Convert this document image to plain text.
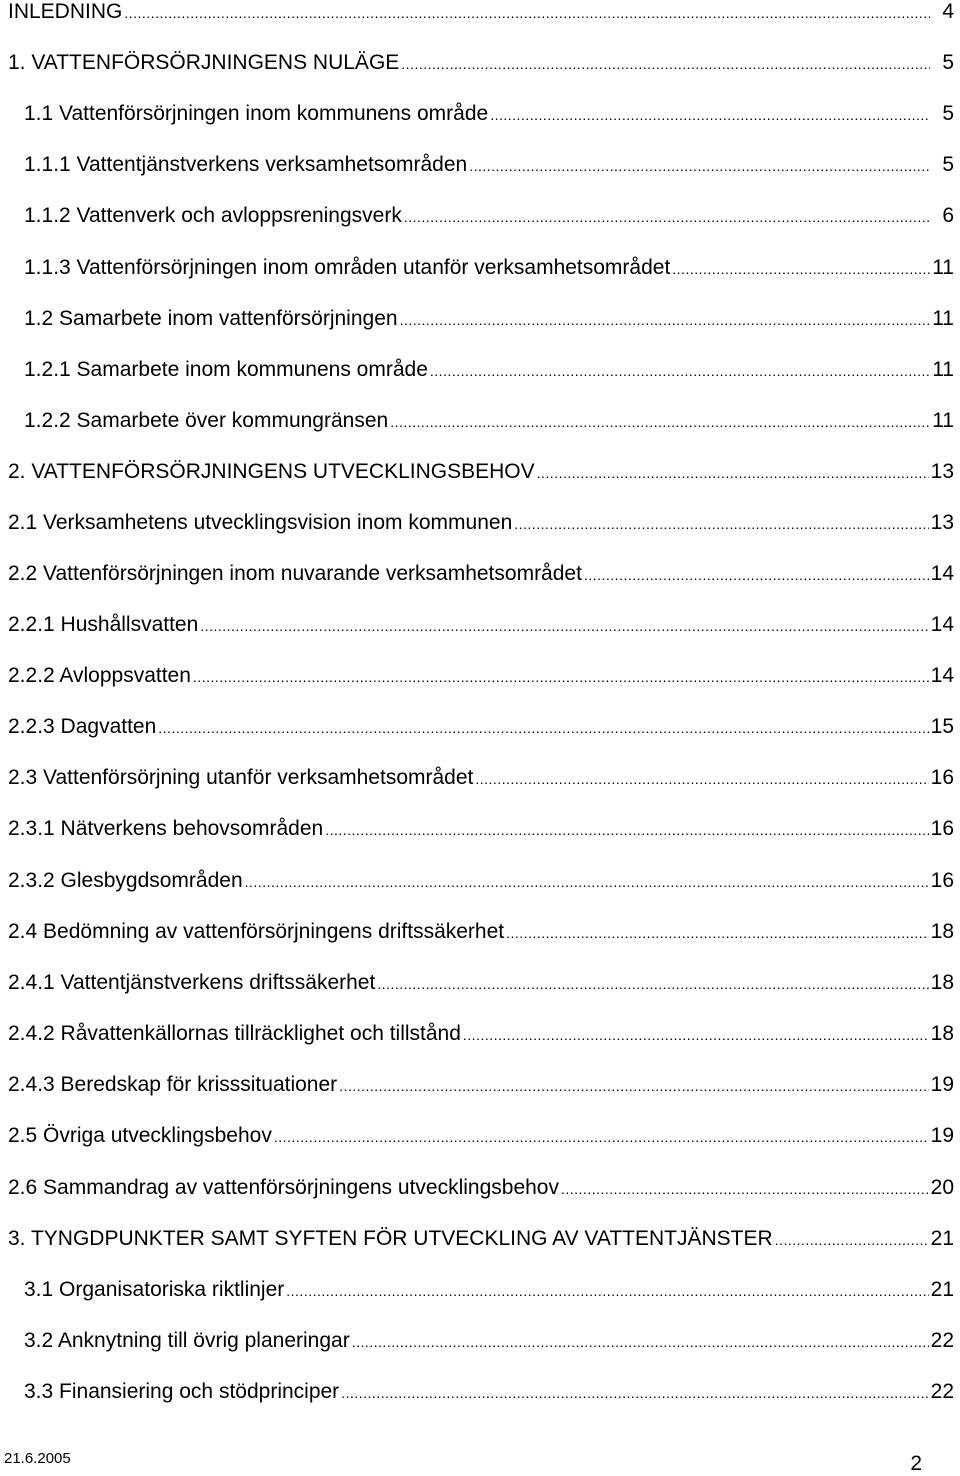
INLEDNING .....	4
1. VATTENFÖRSÖRJNINGENS NULÄGE .....	5
1.1 Vattenförsörjningen inom kommunens område .....	5
1.1.1 Vattentjänstverkens verksamhetsområden .....	5
1.1.2 Vattenverk och avloppsreningsverk .....	6
1.1.3 Vattenförsörjningen inom områden utanför verksamhetsområdet .....	11
1.2 Samarbete inom vattenförsörjningen .....	11
1.2.1 Samarbete inom kommunens område .....	11
1.2.2 Samarbete över kommungränsen .....	11
2. VATTENFÖRSÖRJNINGENS UTVECKLINGSBEHOV .....	13
2.1 Verksamhetens utvecklingsvision inom kommunen .....	13
2.2 Vattenförsörjningen inom nuvarande verksamhetsområdet .....	14
2.2.1 Hushållsvatten .....	14
2.2.2 Avloppsvatten .....	14
2.2.3 Dagvatten .....	15
2.3 Vattenförsörjning utanför verksamhetsområdet .....	16
2.3.1 Nätverkens behovsområden .....	16
2.3.2 Glesbygdsområden .....	16
2.4 Bedömning av vattenförsörjningens driftssäkerhet .....	18
2.4.1 Vattentjänstverkens driftssäkerhet .....	18
2.4.2 Råvattenkällornas tillräcklighet och tillstånd .....	18
2.4.3 Beredskap för krisssituationer .....	19
2.5 Övriga utvecklingsbehov .....	19
2.6 Sammandrag av vattenförsörjningens utvecklingsbehov .....	20
3. TYNGDPUNKTER SAMT SYFTEN FÖR UTVECKLING AV VATTENTJÄNSTER .....	21
3.1 Organisatoriska riktlinjer .....	21
3.2 Anknytning till övrig planeringar .....	22
3.3 Finansiering och stödprinciper .....	22
21.6.2005	2
